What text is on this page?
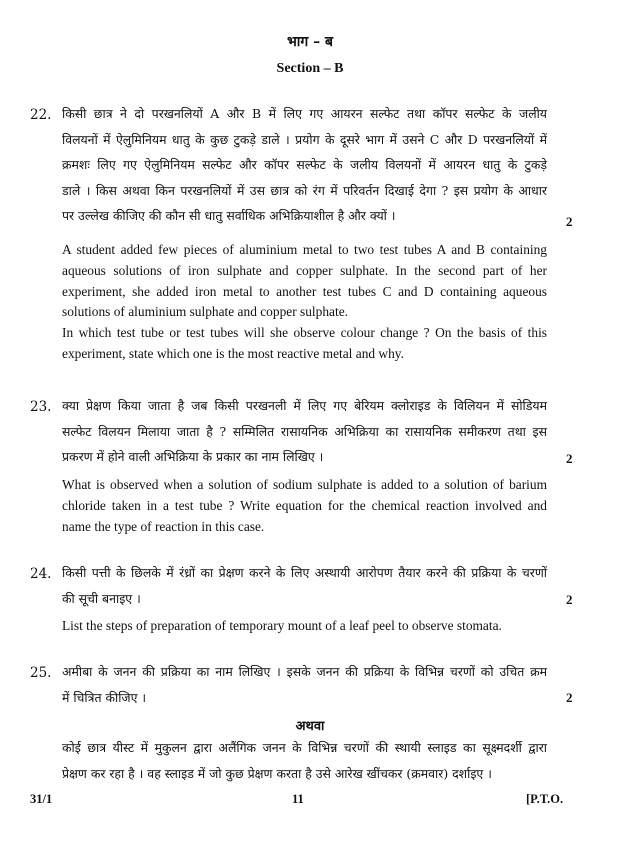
भाग – ब
Section – B
22. किसी छात्र ने दो परखनलियों A और B में लिए गए आयरन सल्फेट तथा कॉपर सल्फेट के जलीय
विलयनों में ऐलुमिनियम धातु के कुछ टुकड़े डाले । प्रयोग के दूसरे भाग में उसने C और D परखनलियों में
क्रमशः लिए गए ऐलुमिनियम सल्फेट और कॉपर सल्फेट के जलीय विलयनों में आयरन धातु के टुकड़े
डाले । किस अथवा किन परखनलियों में उस छात्र को रंग में परिवर्तन दिखाई देगा ? इस प्रयोग के आधार
पर उल्लेख कीजिए की कौन सी धातु सर्वाधिक अभिक्रियाशील है और क्यों ।	2
A student added few pieces of aluminium metal to two test tubes A and B containing
aqueous solutions of iron sulphate and copper sulphate. In the second part of her
experiment, she added iron metal to another test tubes C and D containing aqueous
solutions of aluminium sulphate and copper sulphate.
In which test tube or test tubes will she observe colour change ? On the basis of this
experiment, state which one is the most reactive metal and why.
23. क्या प्रेक्षण किया जाता है जब किसी परखनली में लिए गए बेरियम क्लोराइड के विलियन में सोडियम
सल्फेट विलयन मिलाया जाता है ? सम्मिलित रासायनिक अभिक्रिया का रासायनिक समीकरण तथा इस
प्रकरण में होने वाली अभिक्रिया के प्रकार का नाम लिखिए ।	2
What is observed when a solution of sodium sulphate is added to a solution of barium
chloride taken in a test tube ? Write equation for the chemical reaction involved and
name the type of reaction in this case.
24. किसी पत्ती के छिलके में रंध्रों का प्रेक्षण करने के लिए अस्थायी आरोपण तैयार करने की प्रक्रिया के चरणों
की सूची बनाइए ।	2
List the steps of preparation of temporary mount of a leaf peel to observe stomata.
25. अमीबा के जनन की प्रक्रिया का नाम लिखिए । इसके जनन की प्रक्रिया के विभिन्न चरणों को उचित क्रम
में चित्रित कीजिए ।	2
अथवा
कोई छात्र यीस्ट में मुकुलन द्वारा अलैंगिक जनन के विभिन्न चरणों की स्थायी स्लाइड का सूक्ष्मदर्शी द्वारा
प्रेक्षण कर रहा है । वह स्लाइड में जो कुछ प्रेक्षण करता है उसे आरेख खींचकर (क्रमवार) दर्शाइए ।
31/1	11	[P.T.O.
